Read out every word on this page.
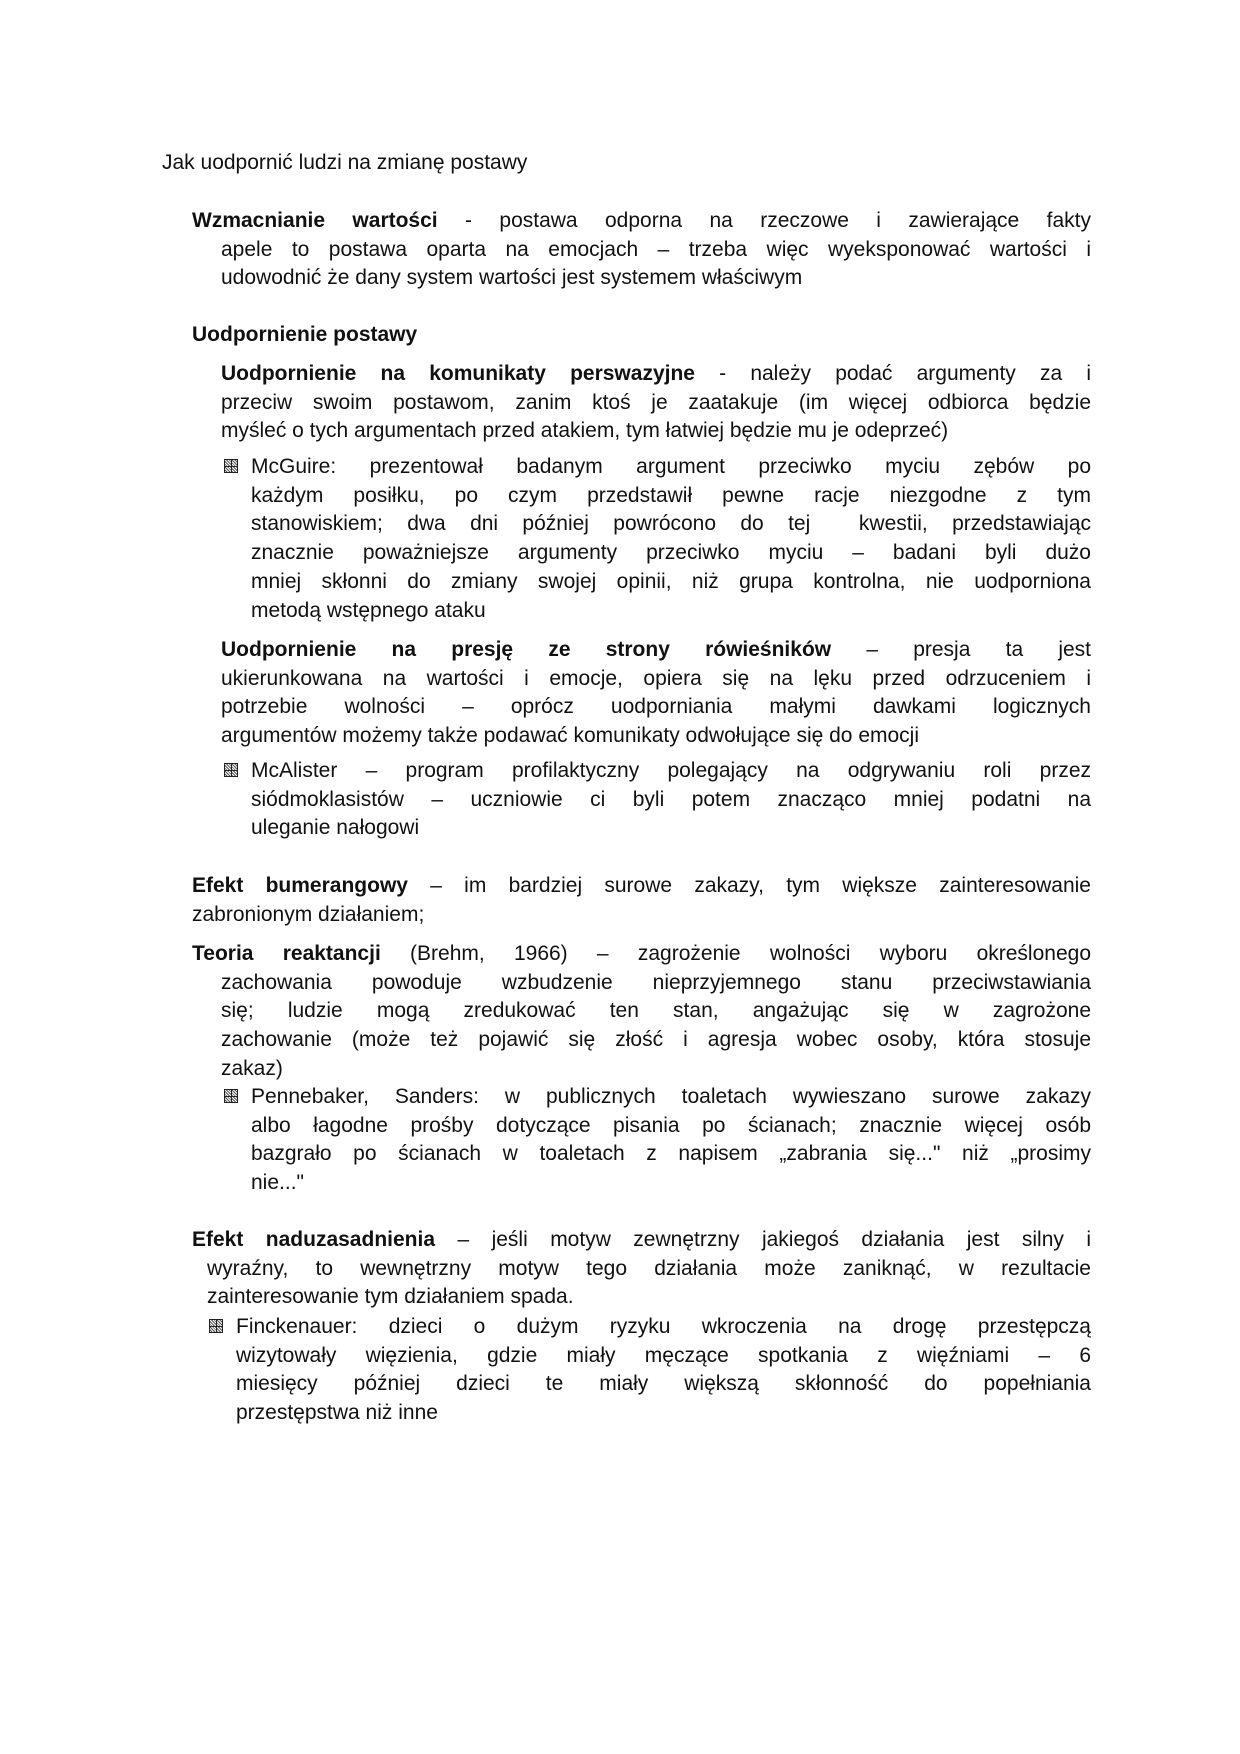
Jak uodpornić ludzi na zmianę postawy
Wzmacnianie wartości - postawa odporna na rzeczowe i zawierające fakty
apele to postawa oparta na emocjach – trzeba więc wyeksponować wartości i
udowodnić że dany system wartości jest systemem właściwym
Uodpornienie postawy
Uodpornienie na komunikaty perswazyjne - należy podać argumenty za i
przeciw swoim postawom, zanim ktoś je zaatakuje (im więcej odbiorca będzie
myśleć o tych argumentach przed atakiem, tym łatwiej będzie mu je odeprzeć)
McGuire: prezentował badanym argument przeciwko myciu zębów po
każdym posiłku, po czym przedstawił pewne racje niezgodne z tym
stanowiskiem; dwa dni później powrócono do tej  kwestii, przedstawiając
znacznie poważniejsze argumenty przeciwko myciu – badani byli dużo
mniej skłonni do zmiany swojej opinii, niż grupa kontrolna, nie uodporniona
metodą wstępnego ataku
Uodpornienie na presję ze strony rówieśników – presja ta jest
ukierunkowana na wartości i emocje, opiera się na lęku przed odrzuceniem i
potrzebie wolności – oprócz uodporniania małymi dawkami logicznych
argumentów możemy także podawać komunikaty odwołujące się do emocji
McAlister – program profilaktyczny polegający na odgrywaniu roli przez
siódmoklasistów – uczniowie ci byli potem znacząco mniej podatni na
uleganie nałogowi
Efekt bumerangowy – im bardziej surowe zakazy, tym większe zainteresowanie
zabronionym działaniem;
Teoria reaktancji (Brehm, 1966) – zagrożenie wolności wyboru określonego
zachowania powoduje wzbudzenie nieprzyjemnego stanu przeciwstawiania
się; ludzie mogą zredukować ten stan, angażując się w zagrożone
zachowanie (może też pojawić się złość i agresja wobec osoby, która stosuje
zakaz)
Pennebaker, Sanders: w publicznych toaletach wywieszano surowe zakazy
albo łagodne prośby dotyczące pisania po ścianach; znacznie więcej osób
bazgrało po ścianach w toaletach z napisem „zabrania się..." niż „prosimy
nie..."
Efekt naduzasadnienia – jeśli motyw zewnętrzny jakiegoś działania jest silny i
wyraźny, to wewnętrzny motyw tego działania może zaniknąć, w rezultacie
zainteresowanie tym działaniem spada.
Finckenauer: dzieci o dużym ryzyku wkroczenia na drogę przestępczą
wizytowały więzienia, gdzie miały męczące spotkania z więźniami – 6
miesięcy później dzieci te miały większą skłonność do popełniania
przestępstwa niż inne
